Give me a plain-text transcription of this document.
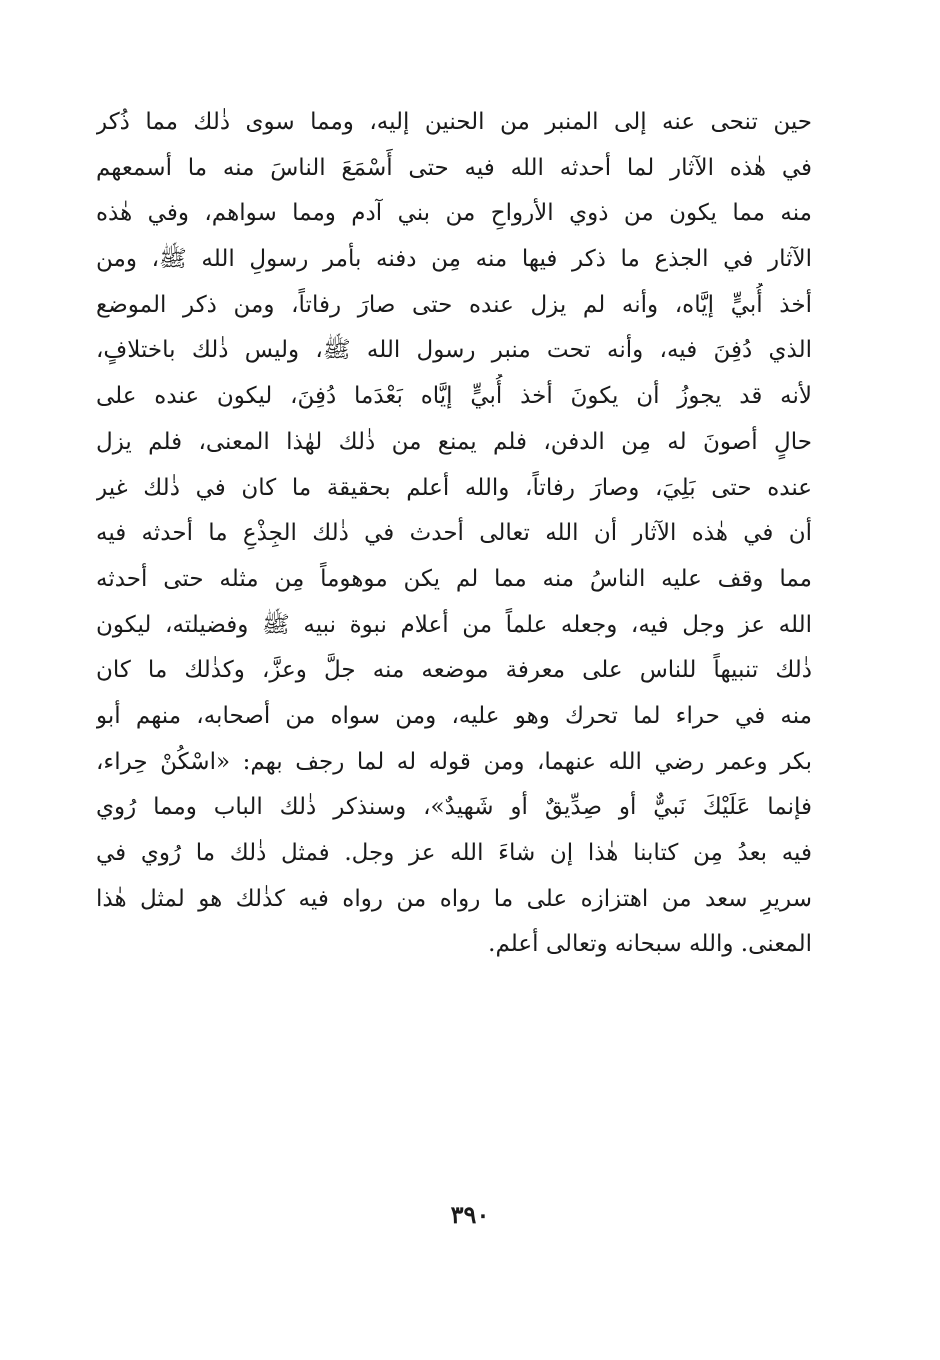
حين تنحى عنه إلى المنبر من الحنين إليه، ومما سوى ذٰلك مما ذُكر
في هٰذه الآثار لما أحدثه الله فيه حتى أَسْمَعَ الناسَ منه ما أسمعهم
منه مما يكون من ذوي الأرواحِ من بني آدم ومما سواهم، وفي هٰذه
الآثار في الجذع ما ذكر فيها منه مِن دفنه بأمر رسولِ الله ﷺ، ومن
أخذ أُبيٍّ إيَّاه، وأنه لم يزل عنده حتى صارَ رفاتاً، ومن ذكر الموضع
الذي دُفِنَ فيه، وأنه تحت منبر رسول الله ﷺ، وليس ذٰلك باختلافٍ،
لأنه قد يجوزُ أن يكونَ أخذ أُبيٍّ إيَّاه بَعْدَما دُفِنَ، ليكون عنده على
حالٍ أصونَ له مِن الدفن، فلم يمنع من ذٰلك لهٰذا المعنى، فلم يزل
عنده حتى بَلِيَ، وصارَ رفاتاً، والله أعلم بحقيقة ما كان في ذٰلك غير
أن في هٰذه الآثار أن الله تعالى أحدث في ذٰلك الجِذْعِ ما أحدثه فيه
مما وقف عليه الناسُ منه مما لم يكن موهوماً مِن مثله حتى أحدثه
الله عز وجل فيه، وجعله علماً من أعلام نبوة نبيه ﷺ وفضيلته، ليكون
ذٰلك تنبيهاً للناس على معرفة موضعه منه جلَّ وعزَّ، وكذٰلك ما كان
منه في حراء لما تحرك وهو عليه، ومن سواه من أصحابه، منهم أبو
بكر وعمر رضي الله عنهما، ومن قوله له لما رجف بهم: «اسْكُنْ حِراء،
فإنما عَلَيْكَ نَبيٌّ أو صِدِّيقٌ أو شَهيدٌ»، وسنذكر ذٰلك الباب ومما رُوي
فيه بعدُ مِن كتابنا هٰذا إن شاءَ الله عز وجل. فمثل ذٰلك ما رُوي في
سريرِ سعد من اهتزازه على ما رواه من رواه فيه كذٰلك هو لمثل هٰذا
المعنى. والله سبحانه وتعالى أعلم.
٣٩٠
